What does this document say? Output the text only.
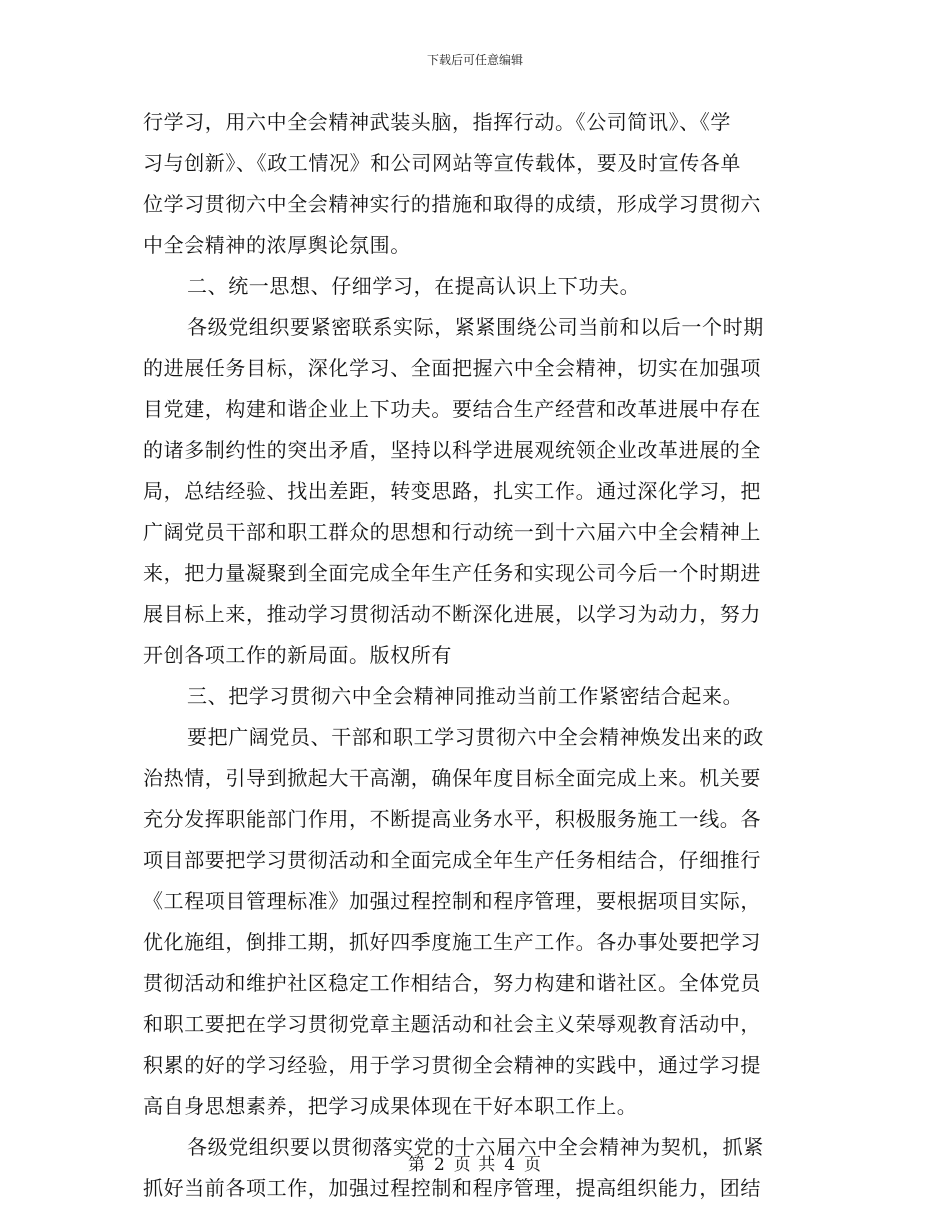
下载后可任意编辑
行学习，用六中全会精神武装头脑，指挥行动。《公司简讯》、《学
习与创新》、《政工情况》和公司网站等宣传载体，要及时宣传各单
位学习贯彻六中全会精神实行的措施和取得的成绩，形成学习贯彻六
中全会精神的浓厚舆论氛围。
二、统一思想、仔细学习，在提高认识上下功夫。
各级党组织要紧密联系实际，紧紧围绕公司当前和以后一个时期
的进展任务目标，深化学习、全面把握六中全会精神，切实在加强项
目党建，构建和谐企业上下功夫。要结合生产经营和改革进展中存在
的诸多制约性的突出矛盾，坚持以科学进展观统领企业改革进展的全
局，总结经验、找出差距，转变思路，扎实工作。通过深化学习，把
广阔党员干部和职工群众的思想和行动统一到十六届六中全会精神上
来，把力量凝聚到全面完成全年生产任务和实现公司今后一个时期进
展目标上来，推动学习贯彻活动不断深化进展，以学习为动力，努力
开创各项工作的新局面。版权所有
三、把学习贯彻六中全会精神同推动当前工作紧密结合起来。
要把广阔党员、干部和职工学习贯彻六中全会精神焕发出来的政
治热情，引导到掀起大干高潮，确保年度目标全面完成上来。机关要
充分发挥职能部门作用，不断提高业务水平，积极服务施工一线。各
项目部要把学习贯彻活动和全面完成全年生产任务相结合，仔细推行
《工程项目管理标准》加强过程控制和程序管理，要根据项目实际，
优化施组，倒排工期，抓好四季度施工生产工作。各办事处要把学习
贯彻活动和维护社区稳定工作相结合，努力构建和谐社区。全体党员
和职工要把在学习贯彻党章主题活动和社会主义荣辱观教育活动中，
积累的好的学习经验，用于学习贯彻全会精神的实践中，通过学习提
高自身思想素养，把学习成果体现在干好本职工作上。
各级党组织要以贯彻落实党的十六届六中全会精神为契机，抓紧
抓好当前各项工作，加强过程控制和程序管理，提高组织能力，团结
第 2 页 共 4 页
